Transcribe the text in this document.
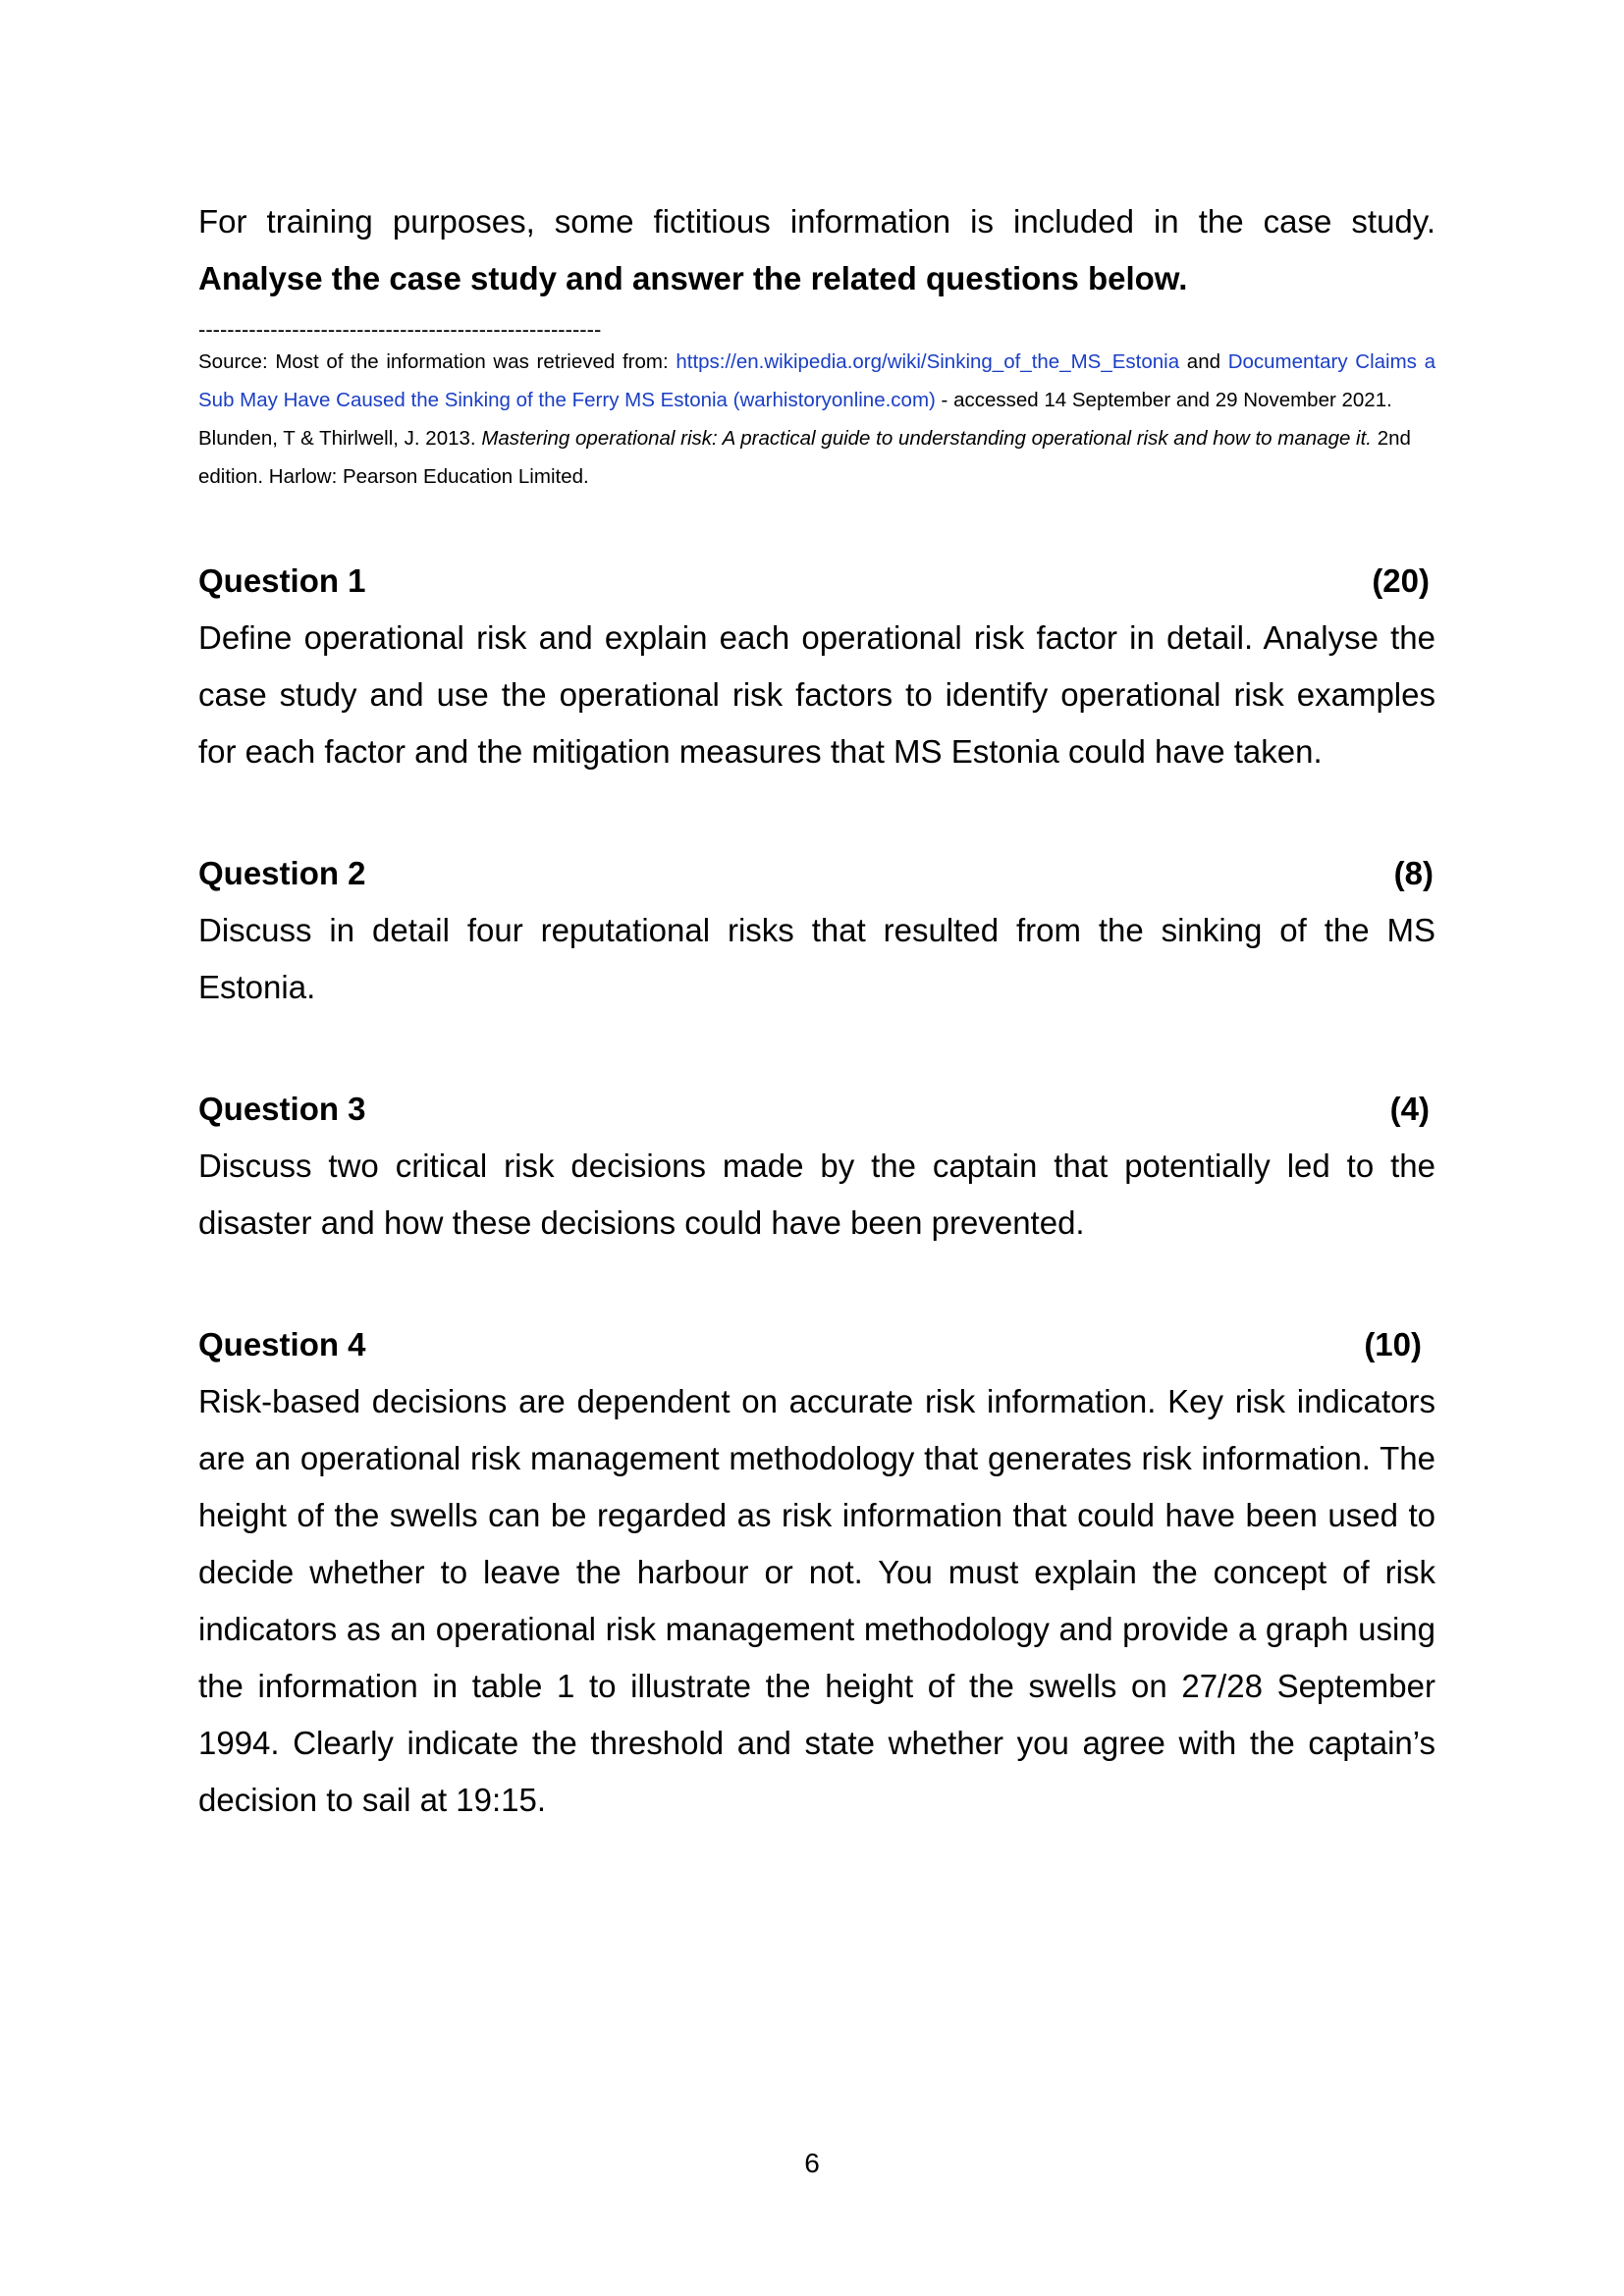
For training purposes, some fictitious information is included in the case study.

Analyse the case study and answer the related questions below.

--------------------------------------------------------

Source: Most of the information was retrieved from: https://en.wikipedia.org/wiki/Sinking_of_the_MS_Estonia and Documentary Claims a Sub May Have Caused the Sinking of the Ferry MS Estonia (warhistoryonline.com) - accessed 14 September and 29 November 2021.

Blunden, T & Thirlwell, J. 2013. Mastering operational risk: A practical guide to understanding operational risk and how to manage it. 2nd edition. Harlow: Pearson Education Limited.

Question 1	(20)

Define operational risk and explain each operational risk factor in detail. Analyse the case study and use the operational risk factors to identify operational risk examples for each factor and the mitigation measures that MS Estonia could have taken.

Question 2	(8)

Discuss in detail four reputational risks that resulted from the sinking of the MS Estonia.

Question 3	(4)

Discuss two critical risk decisions made by the captain that potentially led to the disaster and how these decisions could have been prevented.

Question 4	(10)

Risk-based decisions are dependent on accurate risk information. Key risk indicators are an operational risk management methodology that generates risk information. The height of the swells can be regarded as risk information that could have been used to decide whether to leave the harbour or not. You must explain the concept of risk indicators as an operational risk management methodology and provide a graph using the information in table 1 to illustrate the height of the swells on 27/28 September 1994. Clearly indicate the threshold and state whether you agree with the captain’s decision to sail at 19:15.

6
